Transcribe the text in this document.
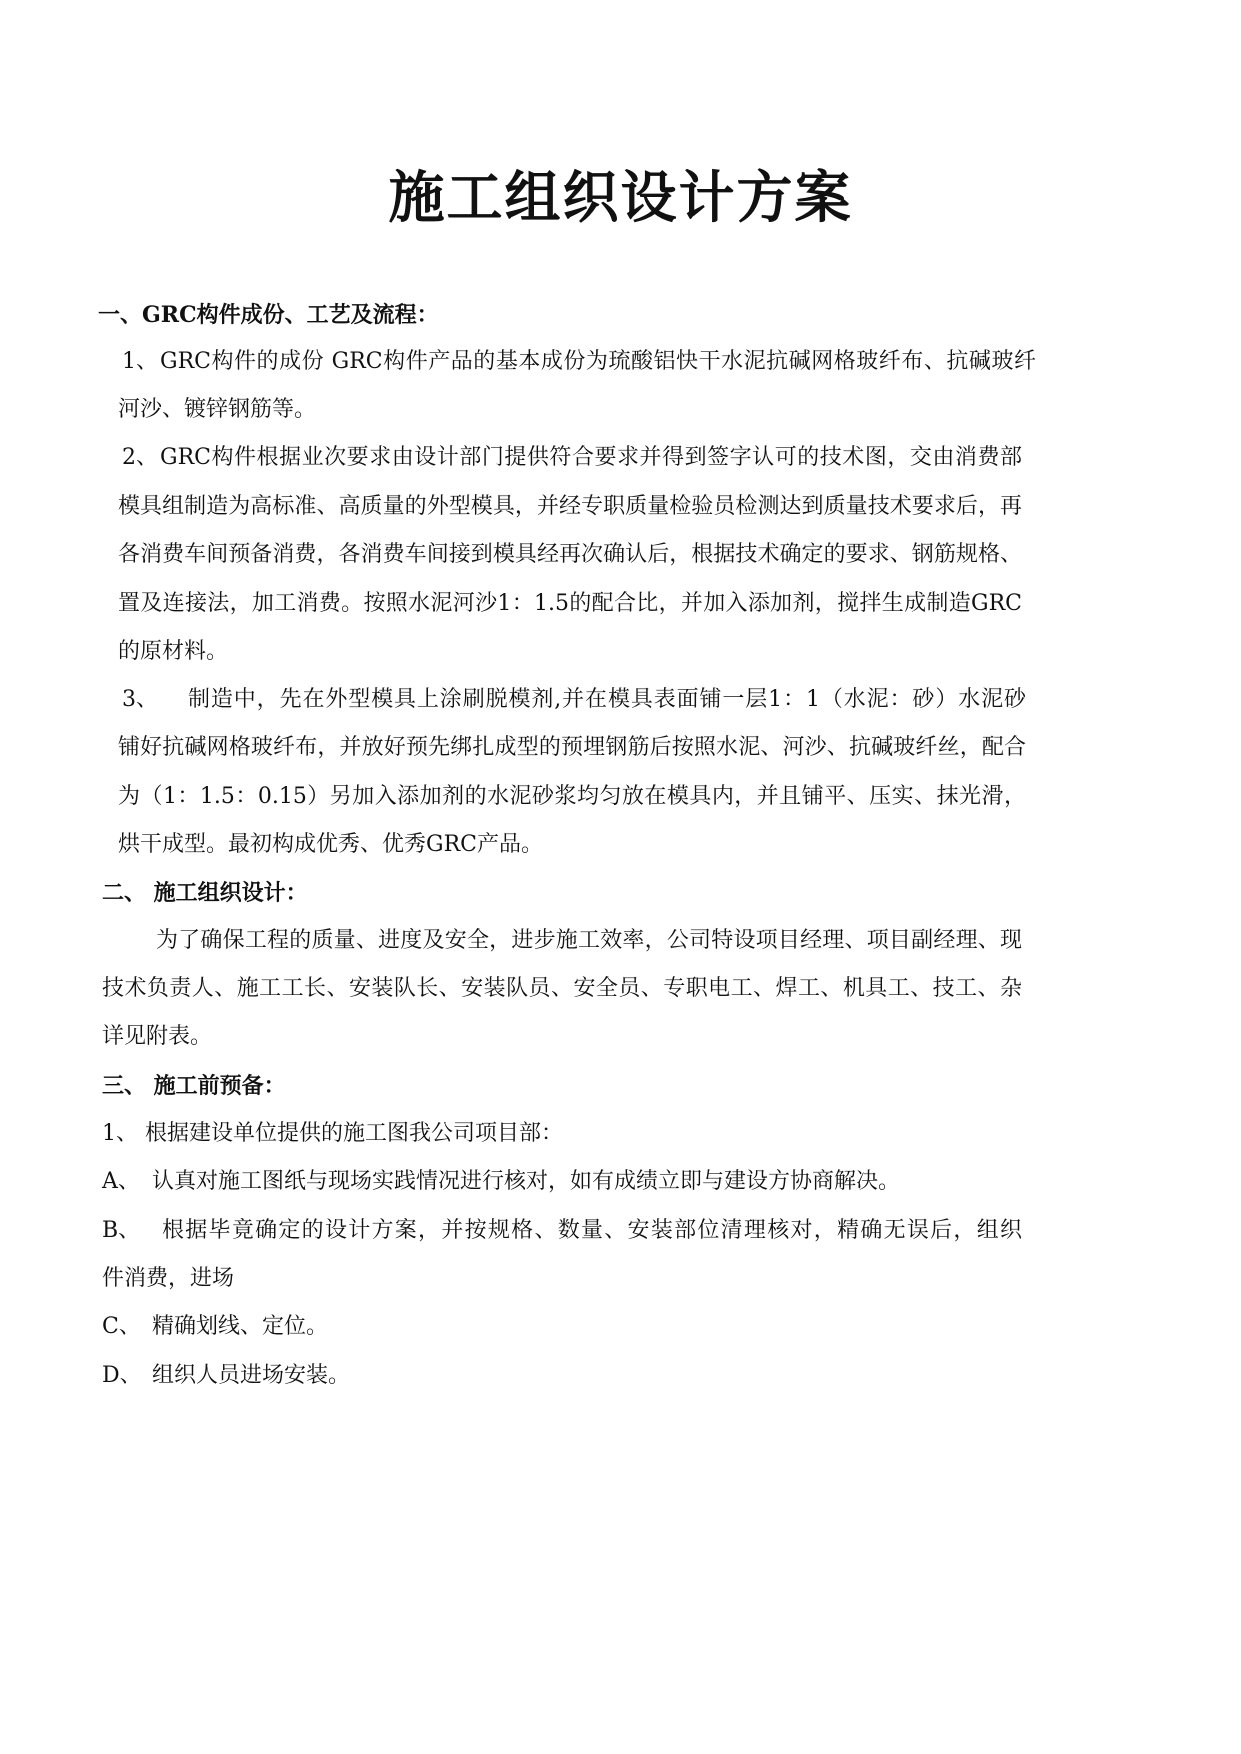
施工组织设计方案
一、GRC构件成份、工艺及流程：
1、 GRC构件的成份 GRC构件产品的基本成份为琉酸铝快干水泥抗碱网格玻纤布、抗碱玻纤
河沙、镀锌钢筋等。
2、 GRC构件根据业次要求由设计部门提供符合要求并得到签字认可的技术图，交由消费部
模具组制造为高标准、高质量的外型模具，并经专职质量检验员检测达到质量技术要求后，再
各消费车间预备消费，各消费车间接到模具经再次确认后，根据技术确定的要求、钢筋规格、
置及连接法，加工消费。按照水泥河沙1：1.5的配合比，并加入添加剂，搅拌生成制造GRC
的原材料。
3、 制造中，先在外型模具上涂刷脱模剂,并在模具表面铺一层1：1（水泥：砂）水泥砂
铺好抗碱网格玻纤布，并放好预先绑扎成型的预埋钢筋后按照水泥、河沙、抗碱玻纤丝，配合
为（1：1.5：0.15）另加入添加剂的水泥砂浆均匀放在模具内，并且铺平、压实、抹光滑，
烘干成型。最初构成优秀、优秀GRC产品。
二、 施工组织设计：
为了确保工程的质量、进度及安全，进步施工效率，公司特设项目经理、项目副经理、现
技术负责人、施工工长、安装队长、安装队员、安全员、专职电工、焊工、机具工、技工、杂
详见附表。
三、 施工前预备：
1、 根据建设单位提供的施工图我公司项目部：
A、 认真对施工图纸与现场实践情况进行核对，如有成绩立即与建设方协商解决。
B、 根据毕竟确定的设计方案，并按规格、数量、安装部位清理核对，精确无误后，组织
件消费，进场
C、 精确划线、定位。
D、 组织人员进场安装。
